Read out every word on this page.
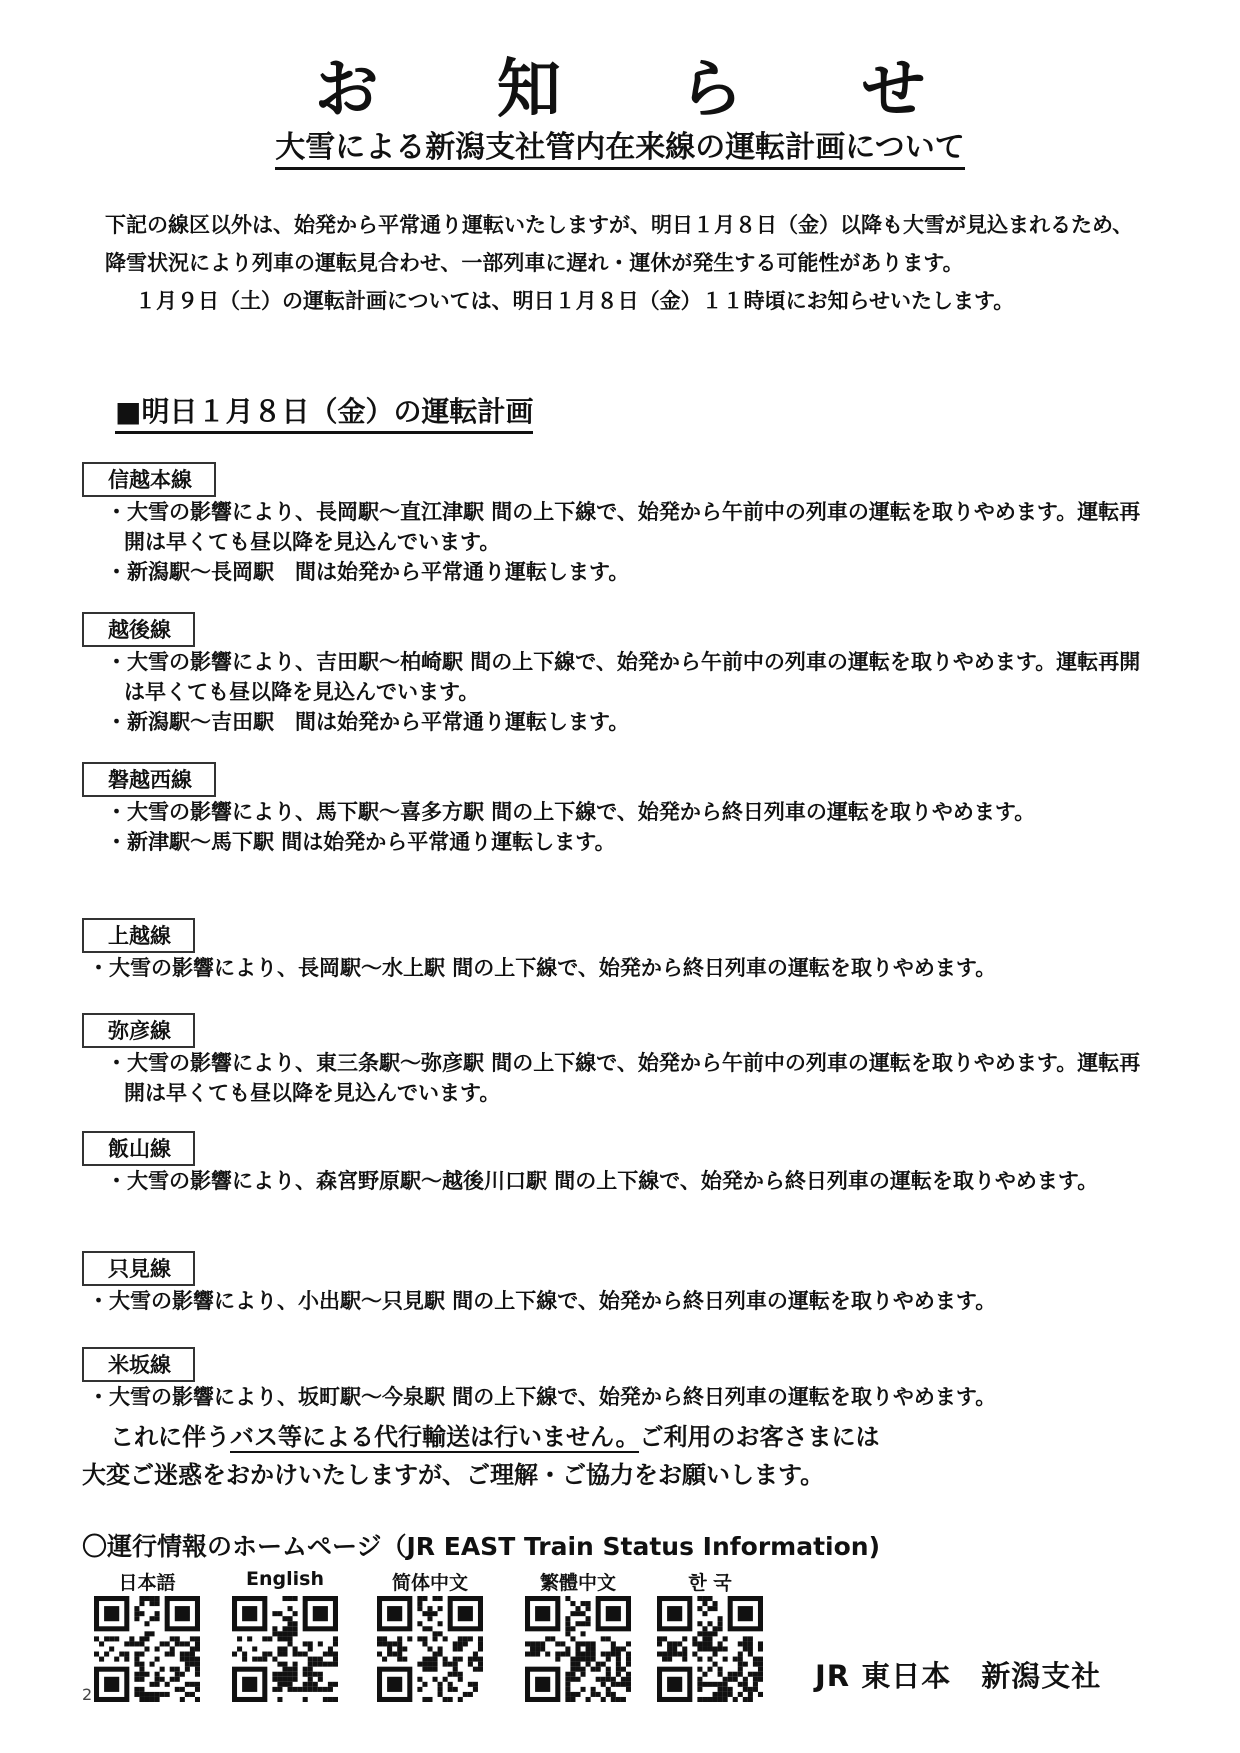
お 知 ら せ
大雪による新潟支社管内在来線の運転計画について
下記の線区以外は、始発から平常通り運転いたしますが、明日１月８日（金）以降も大雪が見込まれるため、降雪状況により列車の運転見合わせ、一部列車に遅れ・運休が発生する可能性があります。
１月９日（土）の運転計画については、明日１月８日（金）１１時頃にお知らせいたします。
■明日１月８日（金）の運転計画
信越本線
・大雪の影響により、長岡駅～直江津駅 間の上下線で、始発から午前中の列車の運転を取りやめます。運転再開は早くても昼以降を見込んでいます。
・新潟駅～長岡駅　間は始発から平常通り運転します。
越後線
・大雪の影響により、吉田駅～柏崎駅 間の上下線で、始発から午前中の列車の運転を取りやめます。運転再開は早くても昼以降を見込んでいます。
・新潟駅～吉田駅　間は始発から平常通り運転します。
磐越西線
・大雪の影響により、馬下駅～喜多方駅 間の上下線で、始発から終日列車の運転を取りやめます。
・新津駅～馬下駅 間は始発から平常通り運転します。
上越線
・大雪の影響により、長岡駅～水上駅 間の上下線で、始発から終日列車の運転を取りやめます。
弥彦線
・大雪の影響により、東三条駅～弥彦駅 間の上下線で、始発から午前中の列車の運転を取りやめます。運転再開は早くても昼以降を見込んでいます。
飯山線
・大雪の影響により、森宮野原駅～越後川口駅 間の上下線で、始発から終日列車の運転を取りやめます。
只見線
・大雪の影響により、小出駅～只見駅 間の上下線で、始発から終日列車の運転を取りやめます。
米坂線
・大雪の影響により、坂町駅～今泉駅 間の上下線で、始発から終日列車の運転を取りやめます。
これに伴うバス等による代行輸送は行いません。ご利用のお客さまには
大変ご迷惑をおかけいたしますが、ご理解・ご協力をお願いします。
〇運行情報のホームページ（JR EAST Train Status Information)
日本語	English	简体中文	繁體中文	한 국
JR 東日本　新潟支社
2
